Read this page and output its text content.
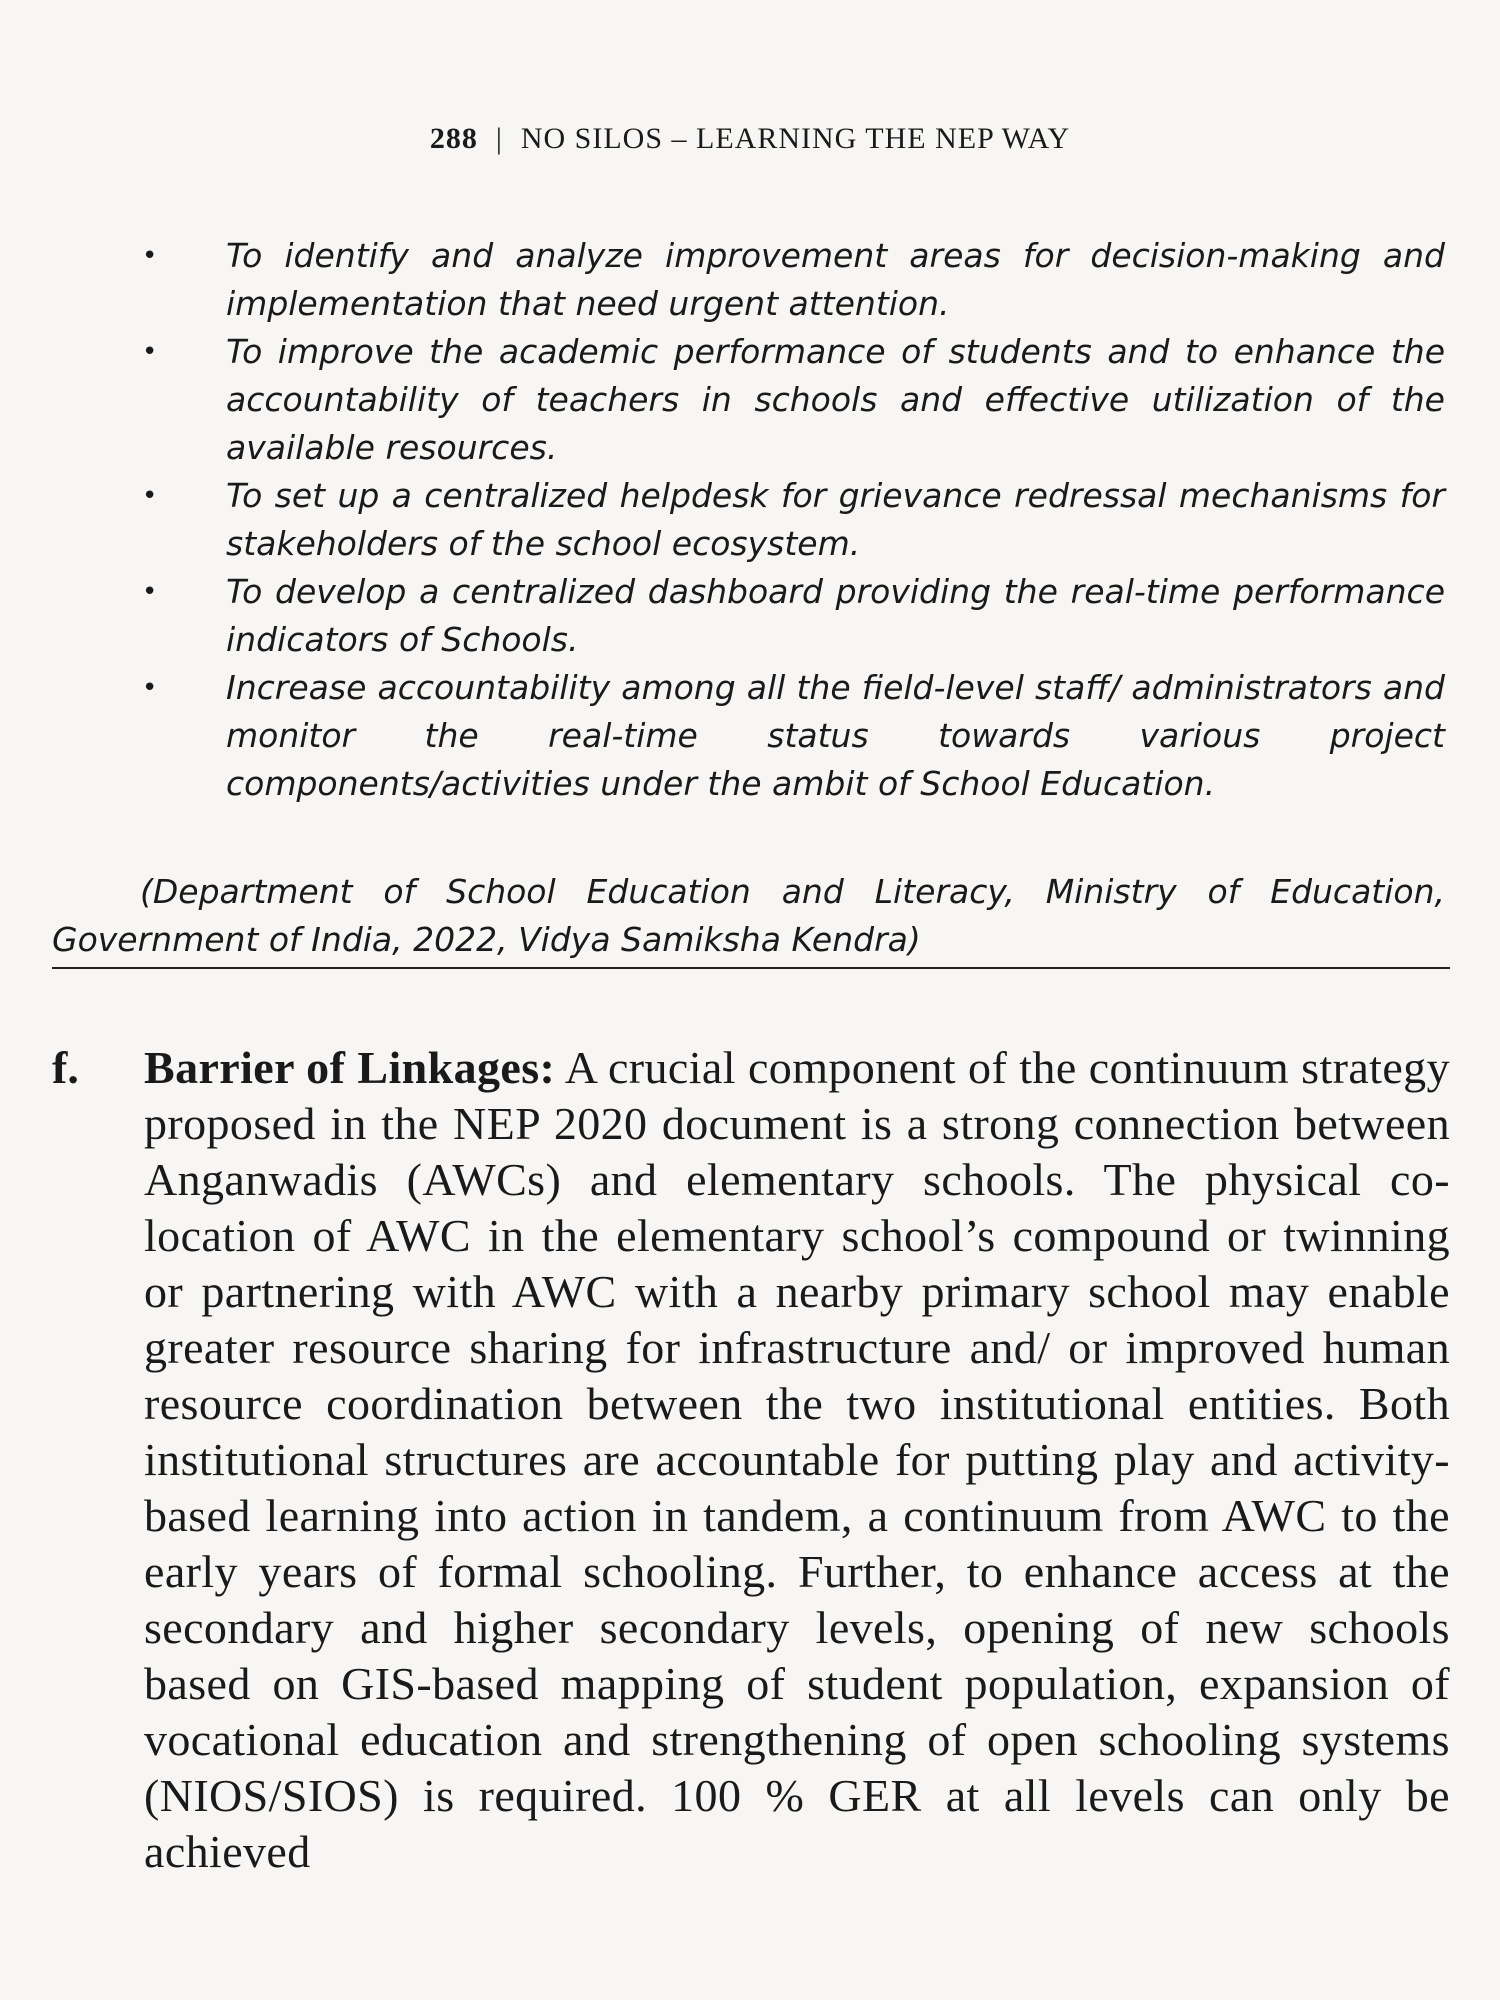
288 | NO SILOS – LEARNING THE NEP WAY
• To identify and analyze improvement areas for decision-making and implementation that need urgent attention.
• To improve the academic performance of students and to enhance the accountability of teachers in schools and effective utilization of the available resources.
• To set up a centralized helpdesk for grievance redressal mechanisms for stakeholders of the school ecosystem.
• To develop a centralized dashboard providing the real-time performance indicators of Schools.
• Increase accountability among all the field-level staff/ administrators and monitor the real-time status towards various project components/activities under the ambit of School Education.
(Department of School Education and Literacy, Ministry of Education, Government of India, 2022, Vidya Samiksha Kendra)
f. Barrier of Linkages: A crucial component of the continuum strategy proposed in the NEP 2020 document is a strong connection between Anganwadis (AWCs) and elementary schools. The physical co-location of AWC in the elementary school’s compound or twinning or partnering with AWC with a nearby primary school may enable greater resource sharing for infrastructure and/ or improved human resource coordination between the two institutional entities. Both institutional structures are accountable for putting play and activity-based learning into action in tandem, a continuum from AWC to the early years of formal schooling. Further, to enhance access at the secondary and higher secondary levels, opening of new schools based on GIS-based mapping of student population, expansion of vocational education and strengthening of open schooling systems (NIOS/SIOS) is required. 100 % GER at all levels can only be achieved
